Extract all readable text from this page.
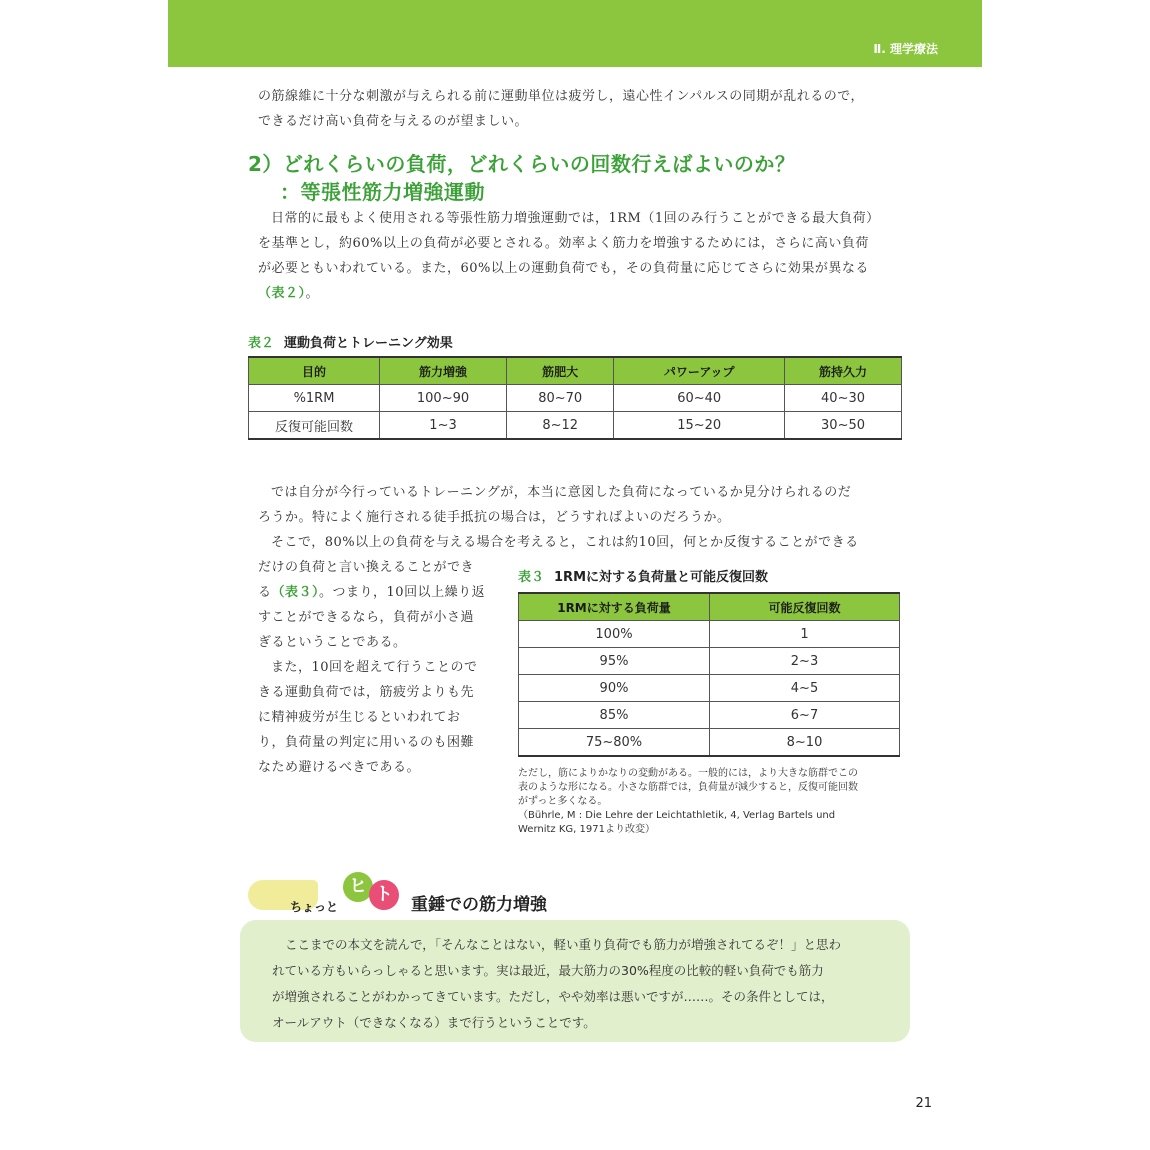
Ⅱ. 理学療法

の筋線維に十分な刺激が与えられる前に運動単位は疲労し，遠心性インパルスの同期が乱れるので，

できるだけ高い負荷を与えるのが望ましい。

2）どれくらいの負荷，どれくらいの回数行えばよいのか？
：等張性筋力増強運動

日常的に最もよく使用される等張性筋力増強運動では，1RM（1回のみ行うことができる最大負荷）

を基準とし，約60%以上の負荷が必要とされる。効率よく筋力を増強するためには，さらに高い負荷

が必要ともいわれている。また，60%以上の運動負荷でも，その負荷量に応じてさらに効果が異なる

（表２）。

表２ 運動負荷とトレーニング効果
目的	筋力増強	筋肥大	パワーアップ	筋持久力
%1RM	100~90	80~70	60~40	40~30
反復可能回数	1~3	8~12	15~20	30~50

では自分が今行っているトレーニングが，本当に意図した負荷になっているか見分けられるのだ

ろうか。特によく施行される徒手抵抗の場合は，どうすればよいのだろうか。

そこで，80%以上の負荷を与える場合を考えると，これは約10回，何とか反復することができる

だけの負荷と言い換えることができ

る（表３）。つまり，10回以上繰り返

すことができるなら，負荷が小さ過

ぎるということである。

また，10回を超えて行うことので

きる運動負荷では，筋疲労よりも先

に精神疲労が生じるといわれてお

り，負荷量の判定に用いるのも困難

なため避けるべきである。

表３ 1RMに対する負荷量と可能反復回数
1RMに対する負荷量	可能反復回数
100%	1
95%	2~3
90%	4~5
85%	6~7
75~80%	8~10
ただし，筋によりかなりの変動がある。一般的には，より大きな筋群でこの
表のような形になる。小さな筋群では，負荷量が減少すると，反復可能回数
がずっと多くなる。
（Bührle, M : Die Lehre der Leichtathletik, 4, Verlag Bartels und
Wernitz KG, 1971より改変）
ちょっと
ヒ ト	重錘での筋力増強
ここまでの本文を読んで，「そんなことはない，軽い重り負荷でも筋力が増強されてるぞ！」と思わ
れている方もいらっしゃると思います。実は最近，最大筋力の30%程度の比較的軽い負荷でも筋力
が増強されることがわかってきています。ただし，やや効率は悪いですが……。その条件としては，
オールアウト（できなくなる）まで行うということです。
21
